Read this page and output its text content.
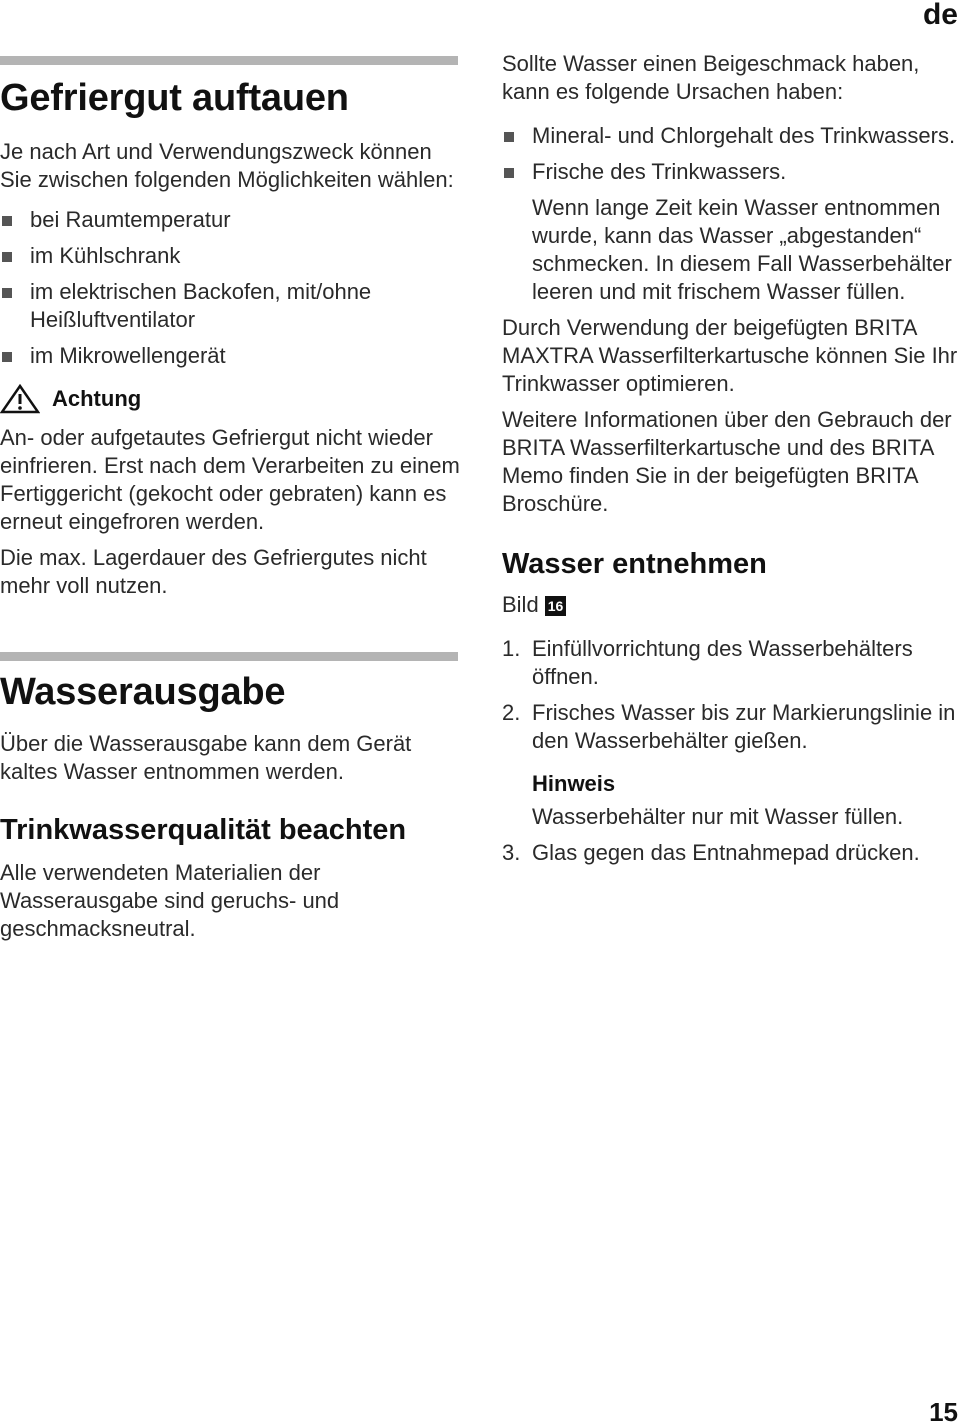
de
Gefriergut auftauen

Je nach Art und Verwendungszweck können Sie zwischen folgenden Möglichkeiten wählen:

bei Raumtemperatur
im Kühlschrank
im elektrischen Backofen, mit/ohne Heißluftventilator
im Mikrowellengerät
Achtung

An- oder aufgetautes Gefriergut nicht wieder einfrieren. Erst nach dem Verarbeiten zu einem Fertiggericht (gekocht oder gebraten) kann es erneut eingefroren werden.

Die max. Lagerdauer des Gefriergutes nicht mehr voll nutzen.

Wasserausgabe

Über die Wasserausgabe kann dem Gerät kaltes Wasser entnommen werden.

Trinkwasserqualität beachten

Alle verwendeten Materialien der Wasserausgabe sind geruchs- und geschmacksneutral.

Sollte Wasser einen Beigeschmack haben, kann es folgende Ursachen haben:

Mineral- und Chlorgehalt des Trinkwassers.
Frische des Trinkwassers.

Wenn lange Zeit kein Wasser entnommen wurde, kann das Wasser „abgestanden“ schmecken. In diesem Fall Wasserbehälter leeren und mit frischem Wasser füllen.

Durch Verwendung der beigefügten BRITA MAXTRA Wasserfilterkartusche können Sie Ihr Trinkwasser optimieren.

Weitere Informationen über den Gebrauch der BRITA Wasserfilterkartusche und des BRITA Memo finden Sie in der beigefügten BRITA Broschüre.

Wasser entnehmen

Bild 16

1. Einfüllvorrichtung des Wasserbehälters öffnen.
2. Frisches Wasser bis zur Markierungslinie in den Wasserbehälter gießen.
Hinweis

Wasserbehälter nur mit Wasser füllen.

3. Glas gegen das Entnahmepad drücken.
15
